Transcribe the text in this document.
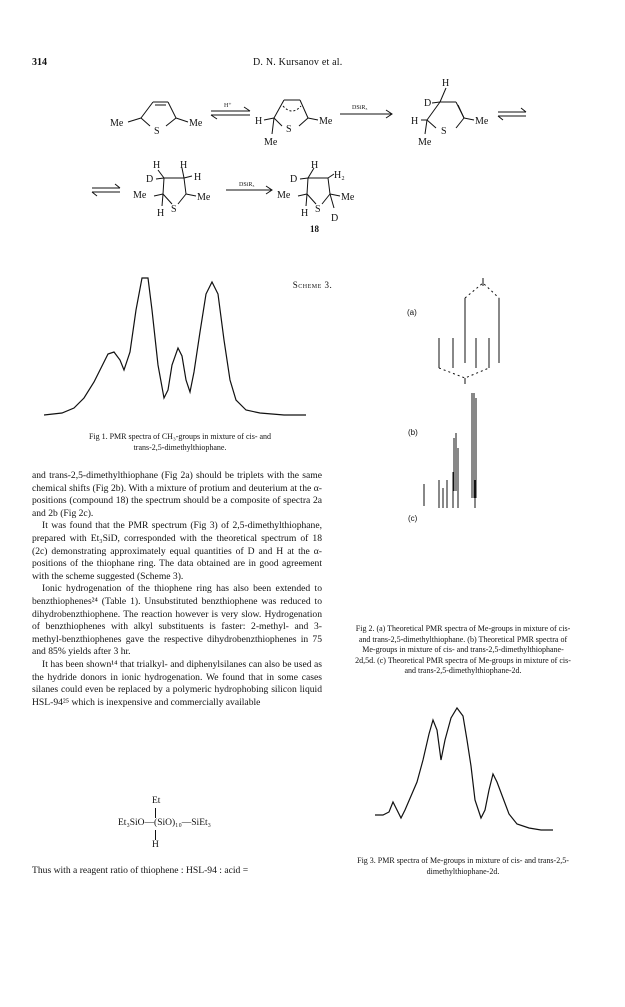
314	D. N. Kursanov et al.
Me
S
Me
H⁺
H
S
Me
Me
DSiR₃
H
D
H
S
Me
Me
H H
D	H
Me
S
Me
H
DSiR₃
H
D	H₂
Me
S
Me
H D
18
Scheme 3.
Fig 1. PMR spectra of CH₃-groups in mixture of cis- and
trans-2,5-dimethylthiophane.
(a)
(b)
(c)
Fig 2. (a) Theoretical PMR spectra of Me-groups in mixture of cis-
and trans-2,5-dimethylthiophane. (b) Theoretical PMR spectra of
Me-groups in mixture of cis- and trans-2,5-dimethylthiophane-
2d,5d. (c) Theoretical PMR spectra of Me-groups in mixture of cis-
and trans-2,5-dimethylthiophane-2d.
Fig 3. PMR spectra of Me-groups in mixture of cis- and trans-2,5-
dimethylthiophane-2d.

and trans-2,5-dimethylthiophane (Fig 2a) should be triplets with the same chemical shifts (Fig 2b). With a mixture of protium and deuterium at the α-positions (compound 18) the spectrum should be a composite of spectra 2a and 2b (Fig 2c).

It was found that the PMR spectrum (Fig 3) of 2,5-dimethylthiophane, prepared with Et₃SiD, corresponded with the theoretical spectrum of 18 (2c) demonstrating approximately equal quantities of D and H at the α-positions of the thiophane ring. The data obtained are in good agreement with the scheme suggested (Scheme 3).

Ionic hydrogenation of the thiophene ring has also been extended to benzthiophenes²⁴ (Table 1). Unsubstituted benzthiophene was reduced to dihydrobenzthiophene. The reaction however is very slow. Hydrogenation of benzthiophenes with alkyl substituents is faster: 2-methyl- and 3-methyl-benzthiophenes gave the respective dihydrobenzthiophenes in 75 and 85% yields after 3 hr.

It has been shown¹⁴ that trialkyl- and diphenylsilanes can also be used as the hydride donors in ionic hydrogenation. We found that in some cases silanes could even be replaced by a polymeric hydrophobing silicon liquid HSL-94²⁵ which is inexpensive and commercially available

Et
Et₃SiO—(SiO)₁₀—SiEt₃
H
Thus with a reagent ratio of thiophene : HSL-94 : acid =
